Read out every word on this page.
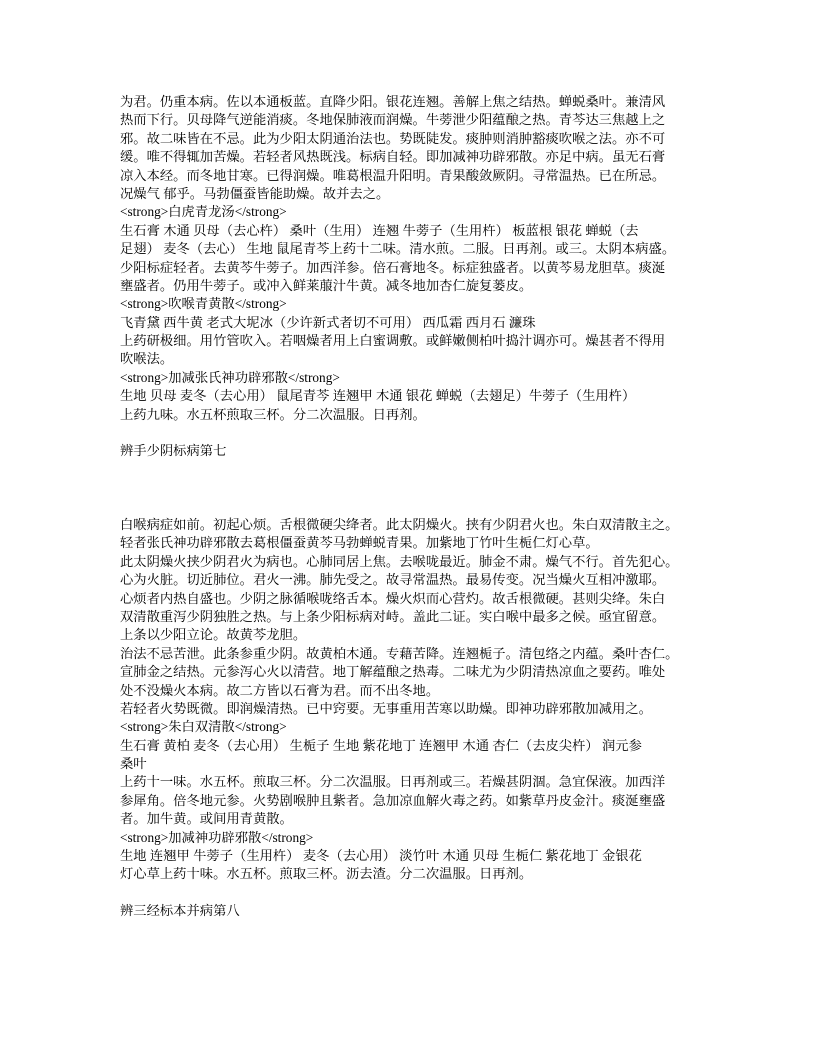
为君。仍重本病。佐以本通板蓝。直降少阳。银花连翘。善解上焦之结热。蝉蜕桑叶。兼清风
热而下行。贝母降气逆能消痰。冬地保肺液而润燥。牛蒡泄少阳蕴酿之热。青芩达三焦越上之
邪。故二味皆在不忌。此为少阳太阴通治法也。势既陡发。痰肿则消肿豁痰吹喉之法。亦不可
缓。唯不得辄加苦燥。若轻者风热既浅。标病自轻。即加减神功辟邪散。亦足中病。虽无石膏
凉入本经。而冬地甘寒。已得润燥。唯葛根温升阳明。青果酸敛厥阴。寻常温热。已在所忌。
况燥气 郁乎。马勃僵蚕皆能助燥。故并去之。
<strong>白虎青龙汤</strong>
生石膏 木通 贝母（去心杵） 桑叶（生用） 连翘 牛蒡子（生用杵） 板蓝根 银花 蝉蜕（去
足翅） 麦冬（去心） 生地 鼠尾青芩上药十二味。清水煎。二服。日再剂。或三。太阴本病盛。
少阳标症轻者。去黄芩牛蒡子。加西洋参。倍石膏地冬。标症独盛者。以黄芩易龙胆草。痰涎
壅盛者。仍用牛蒡子。或冲入鲜莱菔汁牛黄。减冬地加杏仁旋复蒌皮。
<strong>吹喉青黄散</strong>
飞青黛 西牛黄 老式大坭冰（少许新式者切不可用） 西瓜霜 西月石 濂珠
上药研极细。用竹管吹入。若咽燥者用上白蜜调敷。或鲜嫩侧柏叶捣汁调亦可。燥甚者不得用
吹喉法。
<strong>加减张氏神功辟邪散</strong>
生地 贝母 麦冬（去心用） 鼠尾青芩 连翘甲 木通 银花 蝉蜕（去翅足）牛蒡子（生用杵）
上药九味。水五杯煎取三杯。分二次温服。日再剂。
辨手少阴标病第七
白喉病症如前。初起心烦。舌根微硬尖绛者。此太阴燥火。挟有少阴君火也。朱白双清散主之。
轻者张氏神功辟邪散去葛根僵蚕黄芩马勃蝉蜕青果。加紫地丁竹叶生栀仁灯心草。
此太阴燥火挟少阴君火为病也。心肺同居上焦。去喉咙最近。肺金不肃。燥气不行。首先犯心。
心为火脏。切近肺位。君火一沸。肺先受之。故寻常温热。最易传变。况当燥火互相冲激耶。
心烦者内热自盛也。少阴之脉循喉咙络舌本。燥火炽而心营灼。故舌根微硬。甚则尖绛。朱白
双清散重泻少阴独胜之热。与上条少阳标病对峙。盖此二证。实白喉中最多之候。亟宜留意。
上条以少阳立论。故黄芩龙胆。
治法不忌苦泄。此条参重少阴。故黄柏木通。专藉苦降。连翘栀子。清包络之内蕴。桑叶杏仁。
宣肺金之结热。元参泻心火以清营。地丁解蕴酿之热毒。二味尤为少阴清热凉血之要药。唯处
处不没燥火本病。故二方皆以石膏为君。而不出冬地。
若轻者火势既微。即润燥清热。已中窍要。无事重用苦寒以助燥。即神功辟邪散加减用之。
<strong>朱白双清散</strong>
生石膏 黄柏 麦冬（去心用） 生栀子 生地 紫花地丁 连翘甲 木通 杏仁（去皮尖杵） 润元参
桑叶
上药十一味。水五杯。煎取三杯。分二次温服。日再剂或三。若燥甚阴涸。急宜保液。加西洋
参犀角。倍冬地元参。火势剧喉肿且紫者。急加凉血解火毒之药。如紫草丹皮金汁。痰涎壅盛
者。加牛黄。或间用青黄散。
<strong>加减神功辟邪散</strong>
生地 连翘甲 牛蒡子（生用杵） 麦冬（去心用） 淡竹叶 木通 贝母 生栀仁 紫花地丁 金银花
灯心草上药十味。水五杯。煎取三杯。沥去渣。分二次温服。日再剂。
辨三经标本并病第八
